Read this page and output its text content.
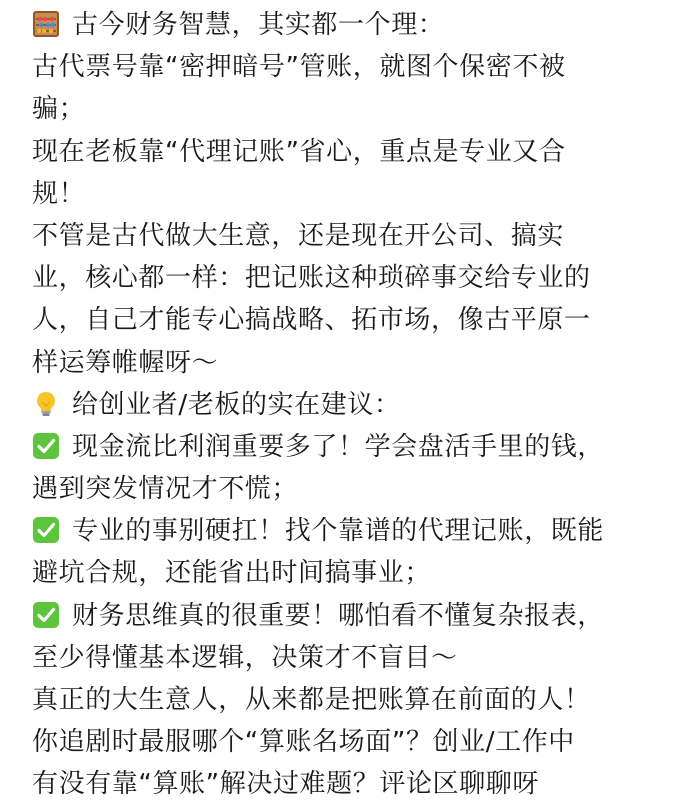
古今财务智慧，其实都一个理：
古代票号靠“密押暗号”管账，就图个保密不被
骗；
现在老板靠“代理记账”省心，重点是专业又合
规！
不管是古代做大生意，还是现在开公司、搞实
业，核心都一样：把记账这种琐碎事交给专业的
人，自己才能专心搞战略、拓市场，像古平原一
样运筹帷幄呀～
给创业者/老板的实在建议：
现金流比利润重要多了！学会盘活手里的钱，
遇到突发情况才不慌；
专业的事别硬扛！找个靠谱的代理记账，既能
避坑合规，还能省出时间搞事业；
财务思维真的很重要！哪怕看不懂复杂报表，
至少得懂基本逻辑，决策才不盲目～
真正的大生意人，从来都是把账算在前面的人！
你追剧时最服哪个“算账名场面”？创业/工作中
有没有靠“算账”解决过难题？评论区聊聊呀
